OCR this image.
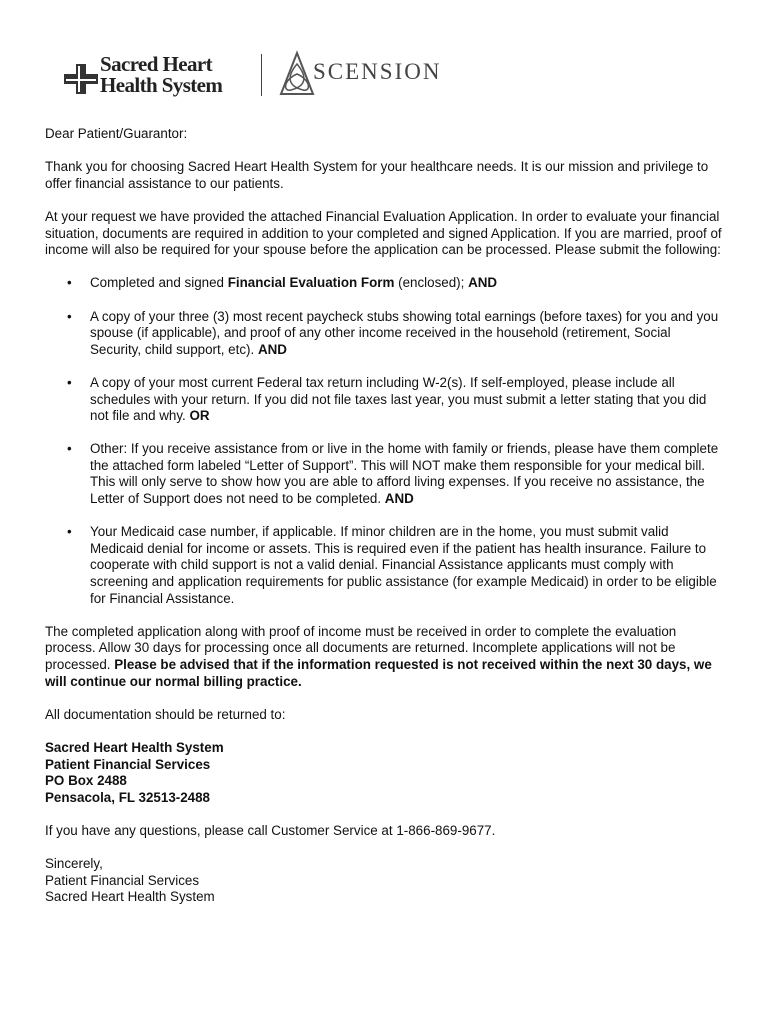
Sacred Heart
Health System
SCENSION

Dear Patient/Guarantor:

Thank you for choosing Sacred Heart Health System for your healthcare needs. It is our mission and privilege to offer financial assistance to our patients.

At your request we have provided the attached Financial Evaluation Application. In order to evaluate your financial situation, documents are required in addition to your completed and signed Application. If you are married, proof of income will also be required for your spouse before the application can be processed. Please submit the following:

• Completed and signed Financial Evaluation Form (enclosed); AND
• A copy of your three (3) most recent paycheck stubs showing total earnings (before taxes) for you and you spouse (if applicable), and proof of any other income received in the household (retirement, Social Security, child support, etc). AND
• A copy of your most current Federal tax return including W-2(s). If self-employed, please include all schedules with your return. If you did not file taxes last year, you must submit a letter stating that you did not file and why. OR
• Other: If you receive assistance from or live in the home with family or friends, please have them complete the attached form labeled “Letter of Support”. This will NOT make them responsible for your medical bill. This will only serve to show how you are able to afford living expenses. If you receive no assistance, the Letter of Support does not need to be completed. AND
• Your Medicaid case number, if applicable. If minor children are in the home, you must submit valid Medicaid denial for income or assets. This is required even if the patient has health insurance. Failure to cooperate with child support is not a valid denial. Financial Assistance applicants must comply with screening and application requirements for public assistance (for example Medicaid) in order to be eligible for Financial Assistance.

The completed application along with proof of income must be received in order to complete the evaluation process. Allow 30 days for processing once all documents are returned. Incomplete applications will not be processed. Please be advised that if the information requested is not received within the next 30 days, we will continue our normal billing practice.

All documentation should be returned to:

Sacred Heart Health System
Patient Financial Services
PO Box 2488
Pensacola, FL 32513-2488

If you have any questions, please call Customer Service at 1-866-869-9677.

Sincerely,
Patient Financial Services
Sacred Heart Health System
